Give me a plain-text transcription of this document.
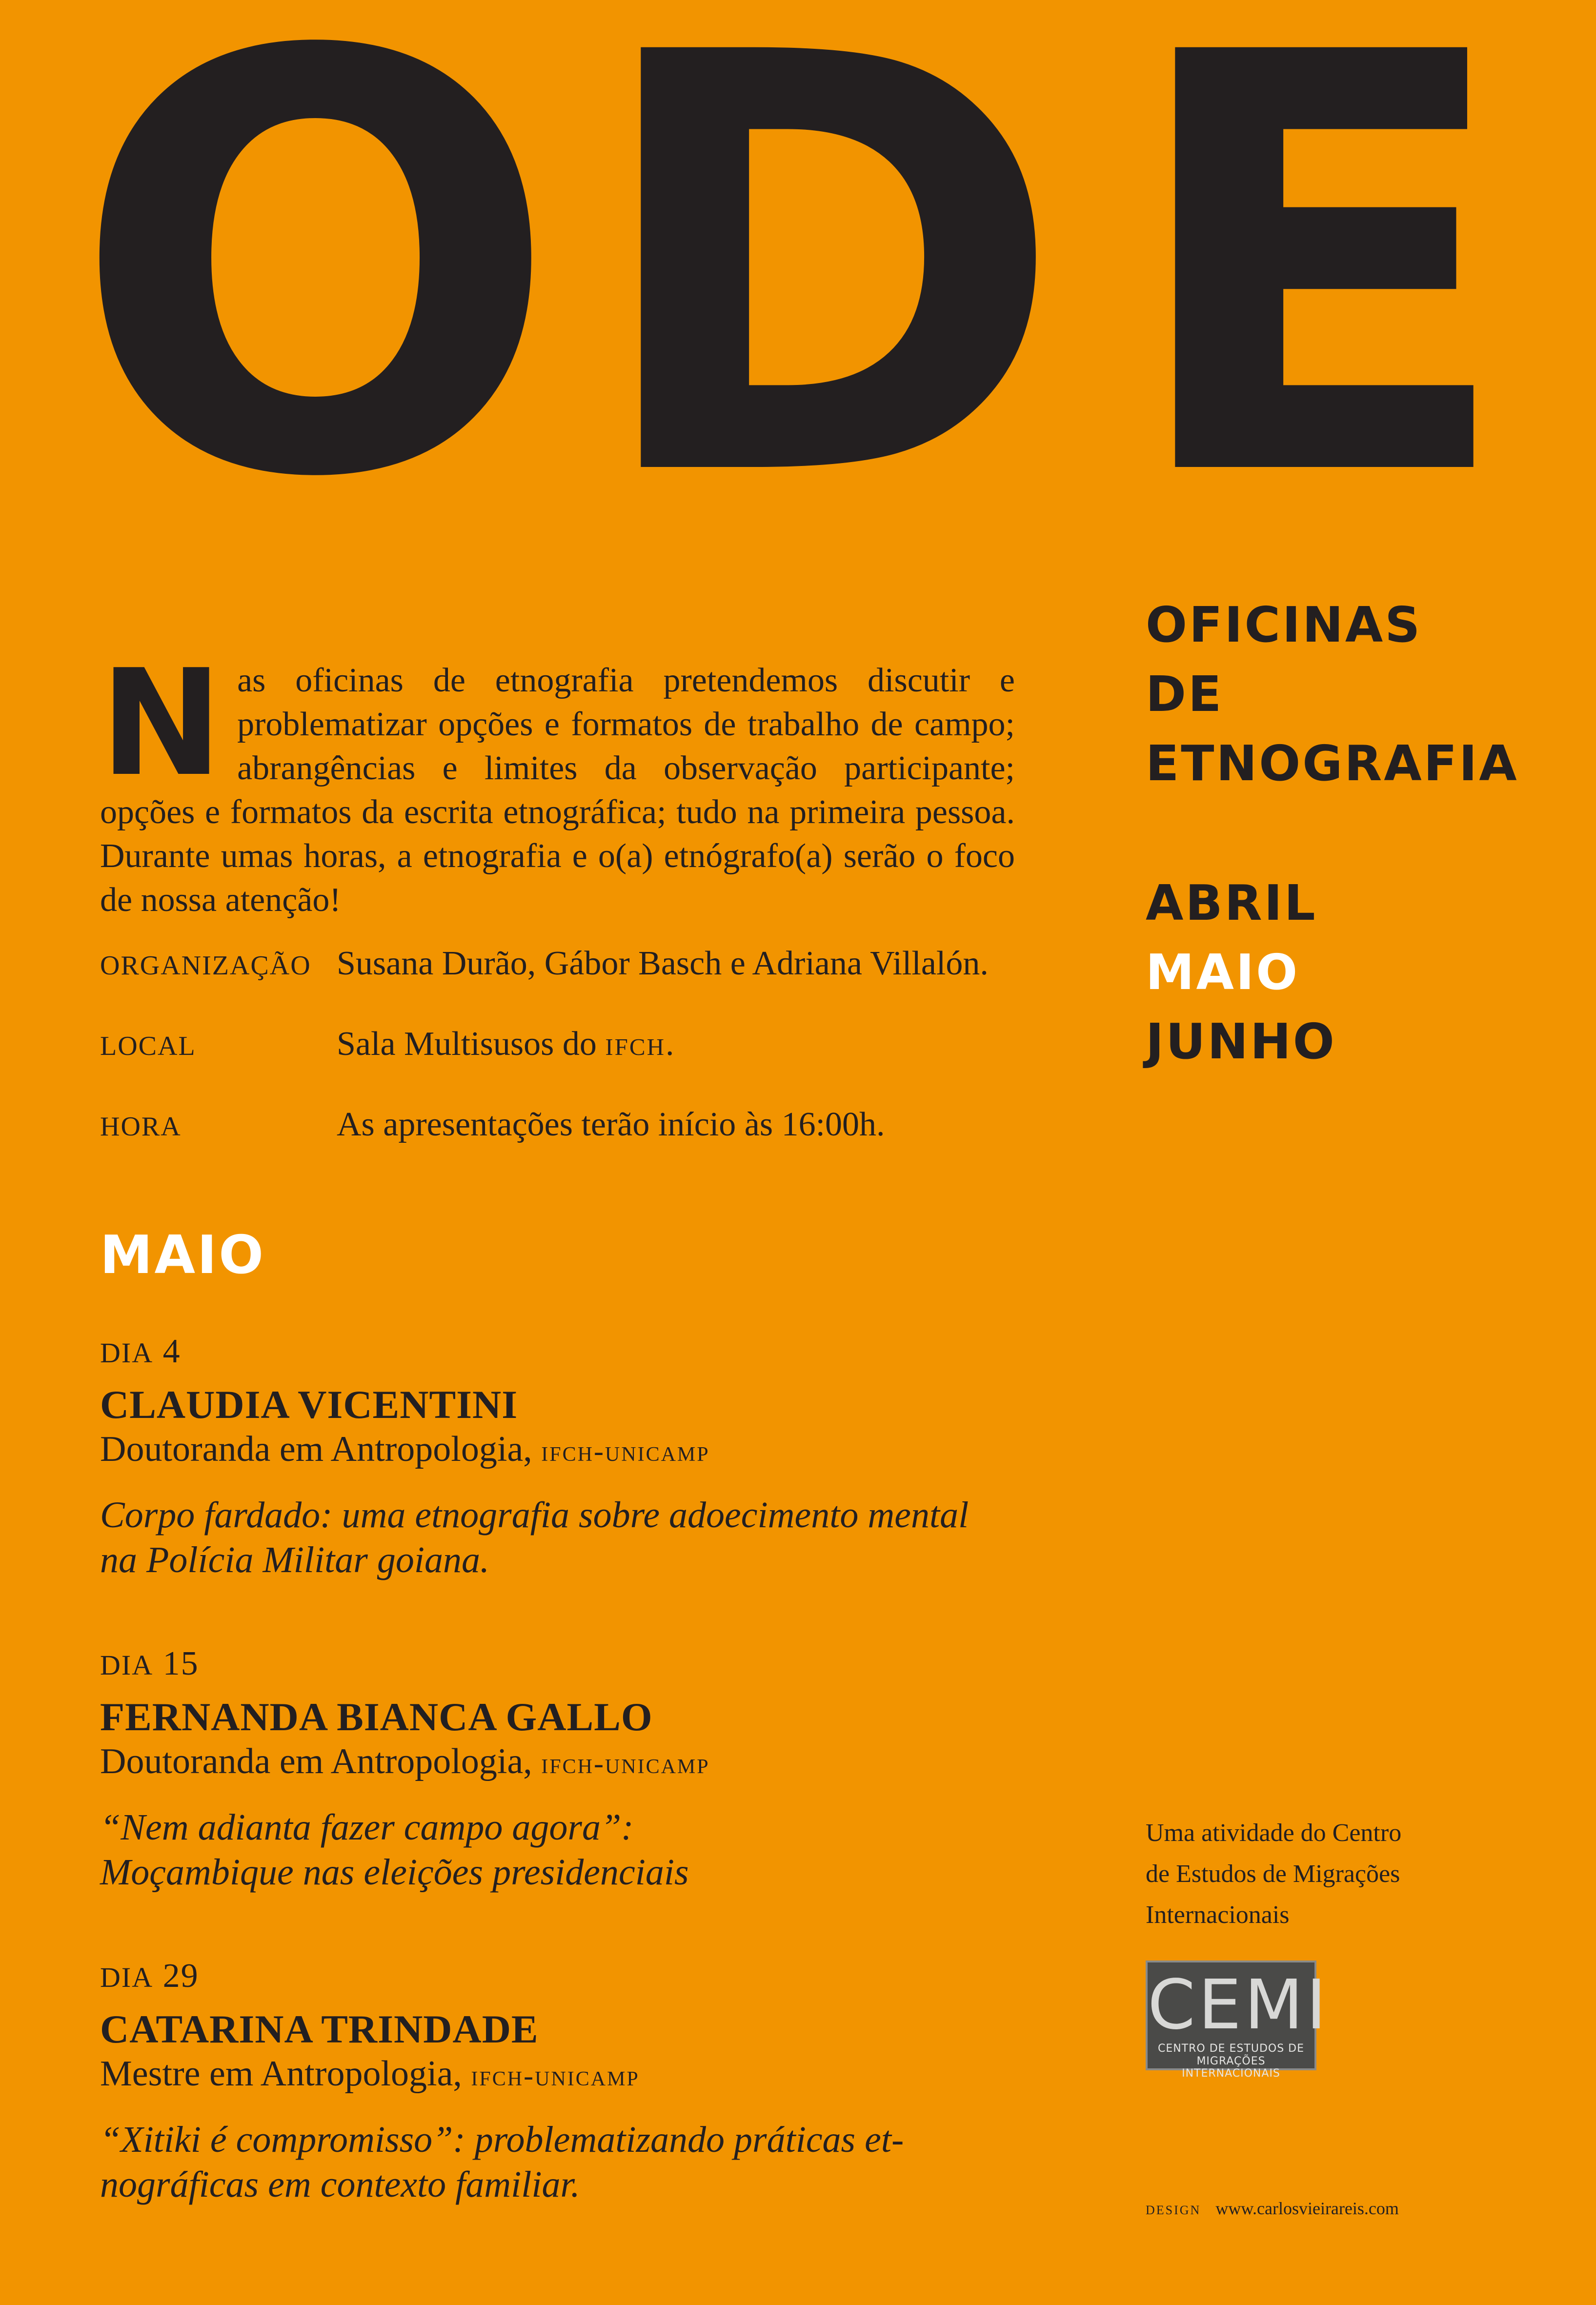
O D E
OFICINAS
DE
ETNOGRAFIA
ABRIL
MAIO
JUNHO
Nas oficinas de etnografia pretendemos discutir e problematizar opções e formatos de trabalho de campo; abrangências e limites da observação participante; opções e formatos da escrita etnográfica; tudo na primeira pessoa. Durante umas horas, a etnografia e o(a) etnógrafo(a) serão o foco de nossa atenção!
ORGANIZAÇÃO Susana Durão, Gábor Basch e Adriana Villalón.
LOCAL	Sala Multisusos do ifch.
HORA	As apresentações terão início às 16:00h.
MAIO
DIA 4
CLAUDIA VICENTINI
Doutoranda em Antropologia, ifch-unicamp
Corpo fardado: uma etnografia sobre adoecimento mental
na Polícia Militar goiana.
DIA 15
FERNANDA BIANCA GALLO
Doutoranda em Antropologia, ifch-unicamp
“Nem adianta fazer campo agora”:
Moçambique nas eleições presidenciais
DIA 29
CATARINA TRINDADE
Mestre em Antropologia, ifch-unicamp
“Xitiki é compromisso”: problematizando práticas et-
nográficas em contexto familiar.
Uma atividade do Centro
de Estudos de Migrações
Internacionais
CEMI
CENTRO DE ESTUDOS DE
MIGRAÇÕES INTERNACIONAIS
DESIGN www.carlosvieirareis.com
